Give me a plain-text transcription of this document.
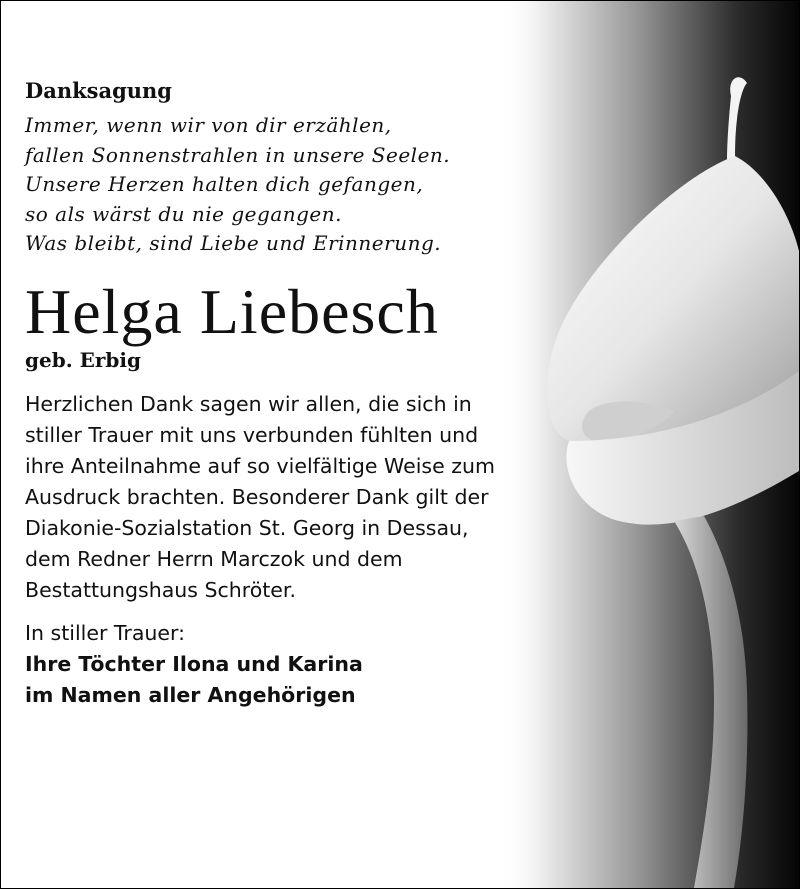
Danksagung
Immer, wenn wir von dir erzählen,
fallen Sonnenstrahlen in unsere Seelen.
Unsere Herzen halten dich gefangen,
so als wärst du nie gegangen.
Was bleibt, sind Liebe und Erinnerung.
Helga Liebesch
geb. Erbig
Herzlichen Dank sagen wir allen, die sich in
stiller Trauer mit uns verbunden fühlten und
ihre Anteilnahme auf so vielfältige Weise zum
Ausdruck brachten. Besonderer Dank gilt der
Diakonie-Sozialstation St. Georg in Dessau,
dem Redner Herrn Marczok und dem
Bestattungshaus Schröter.
In stiller Trauer:
Ihre Töchter Ilona und Karina
im Namen aller Angehörigen
